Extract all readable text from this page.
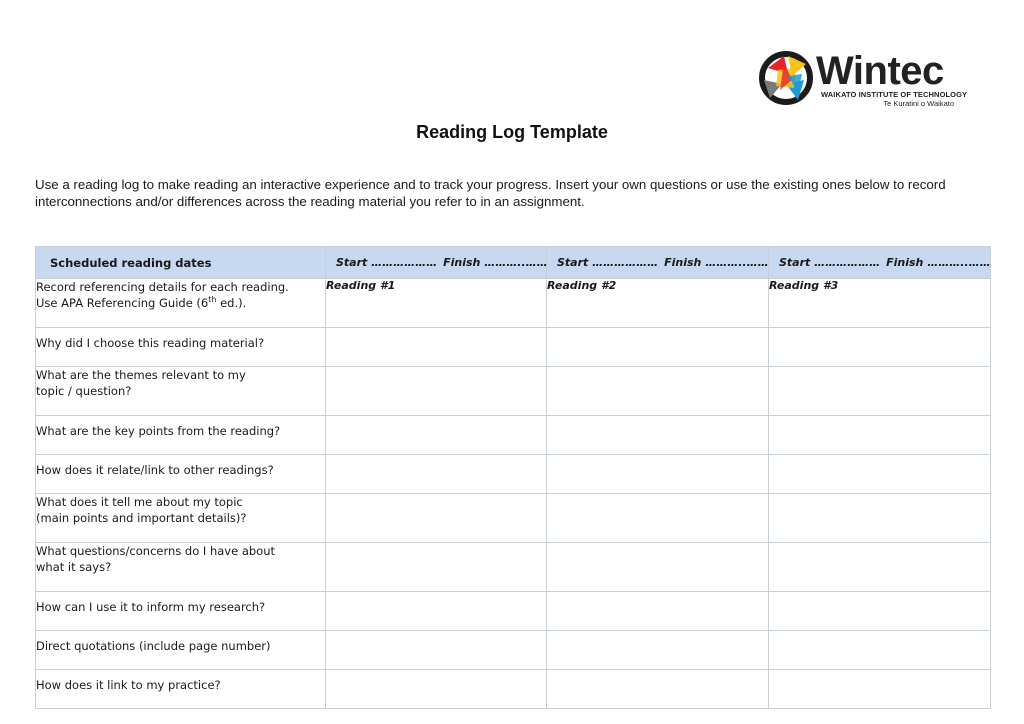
Wintec
WAIKATO INSTITUTE OF TECHNOLOGY
Te Kuratini o Waikato
Reading Log Template

Use a reading log to make reading an interactive experience and to track your progress. Insert your own questions or use the existing ones below to record

interconnections and/or differences across the reading material you refer to in an assignment.

Scheduled reading dates	Start ……………… Finish ………..……	Start ……………… Finish ………..……	Start ……………… Finish ………..……

Record referencing details for each reading.
Use APA Referencing Guide (6th ed.).	Reading #1	Reading #2	Reading #3

Why did I choose this reading material?			

What are the themes relevant to my
topic / question?			

What are the key points from the reading?			

How does it relate/link to other readings?			

What does it tell me about my topic
(main points and important details)?			

What questions/concerns do I have about
what it says?			

How can I use it to inform my research?			

Direct quotations (include page number)			

How does it link to my practice?			
